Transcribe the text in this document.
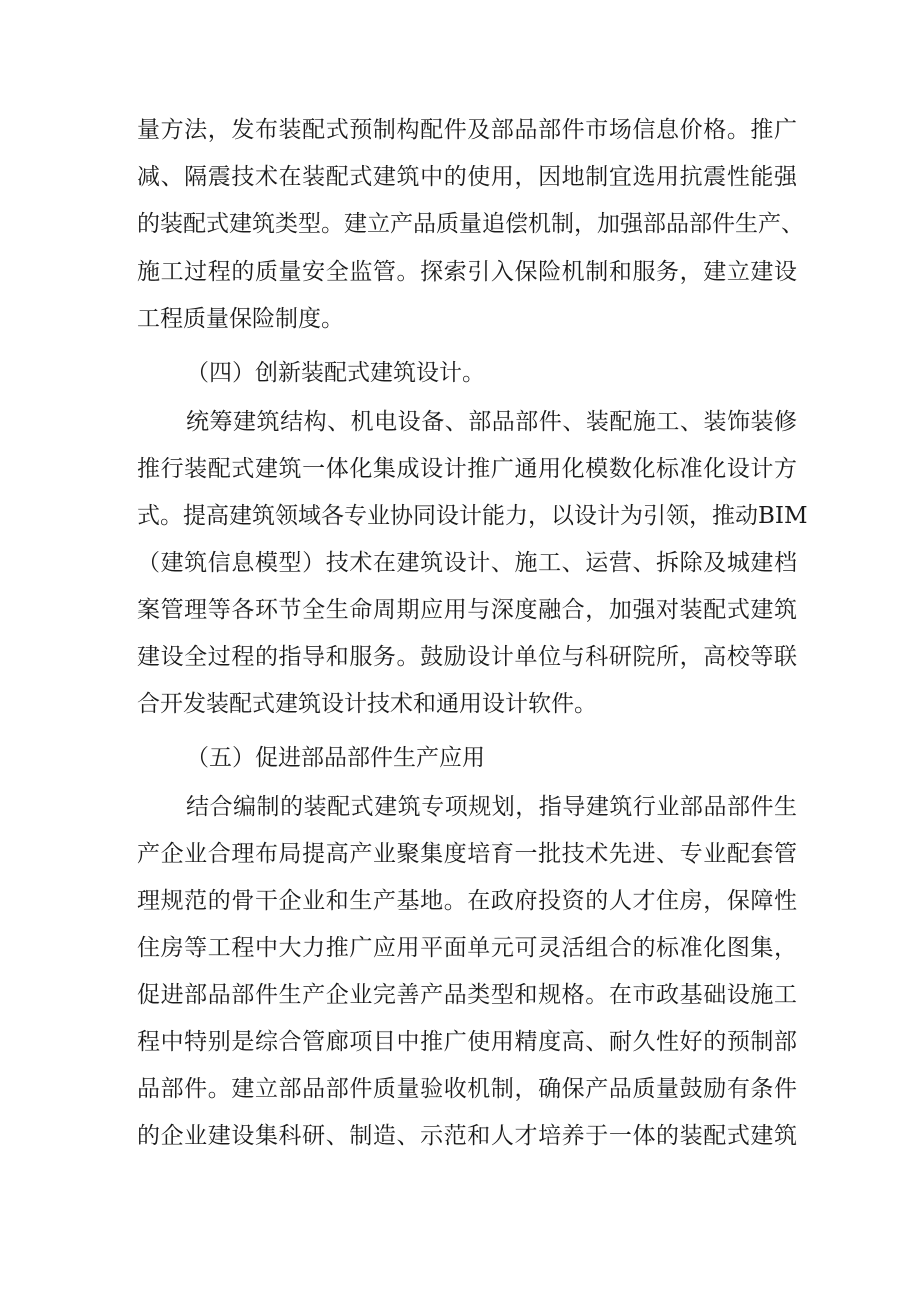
量方法，发布装配式预制构配件及部品部件市场信息价格。推广
减、隔震技术在装配式建筑中的使用，因地制宜选用抗震性能强
的装配式建筑类型。建立产品质量追偿机制，加强部品部件生产、
施工过程的质量安全监管。探索引入保险机制和服务，建立建设
工程质量保险制度。
（四）创新装配式建筑设计。
统筹建筑结构、机电设备、部品部件、装配施工、装饰装修
推行装配式建筑一体化集成设计推广通用化模数化标准化设计方
式。提高建筑领域各专业协同设计能力，以设计为引领，推动BIM
（建筑信息模型）技术在建筑设计、施工、运营、拆除及城建档
案管理等各环节全生命周期应用与深度融合，加强对装配式建筑
建设全过程的指导和服务。鼓励设计单位与科研院所，高校等联
合开发装配式建筑设计技术和通用设计软件。
（五）促进部品部件生产应用
结合编制的装配式建筑专项规划，指导建筑行业部品部件生
产企业合理布局提高产业聚集度培育一批技术先进、专业配套管
理规范的骨干企业和生产基地。在政府投资的人才住房，保障性
住房等工程中大力推广应用平面单元可灵活组合的标准化图集，
促进部品部件生产企业完善产品类型和规格。在市政基础设施工
程中特别是综合管廊项目中推广使用精度高、耐久性好的预制部
品部件。建立部品部件质量验收机制，确保产品质量鼓励有条件
的企业建设集科研、制造、示范和人才培养于一体的装配式建筑
